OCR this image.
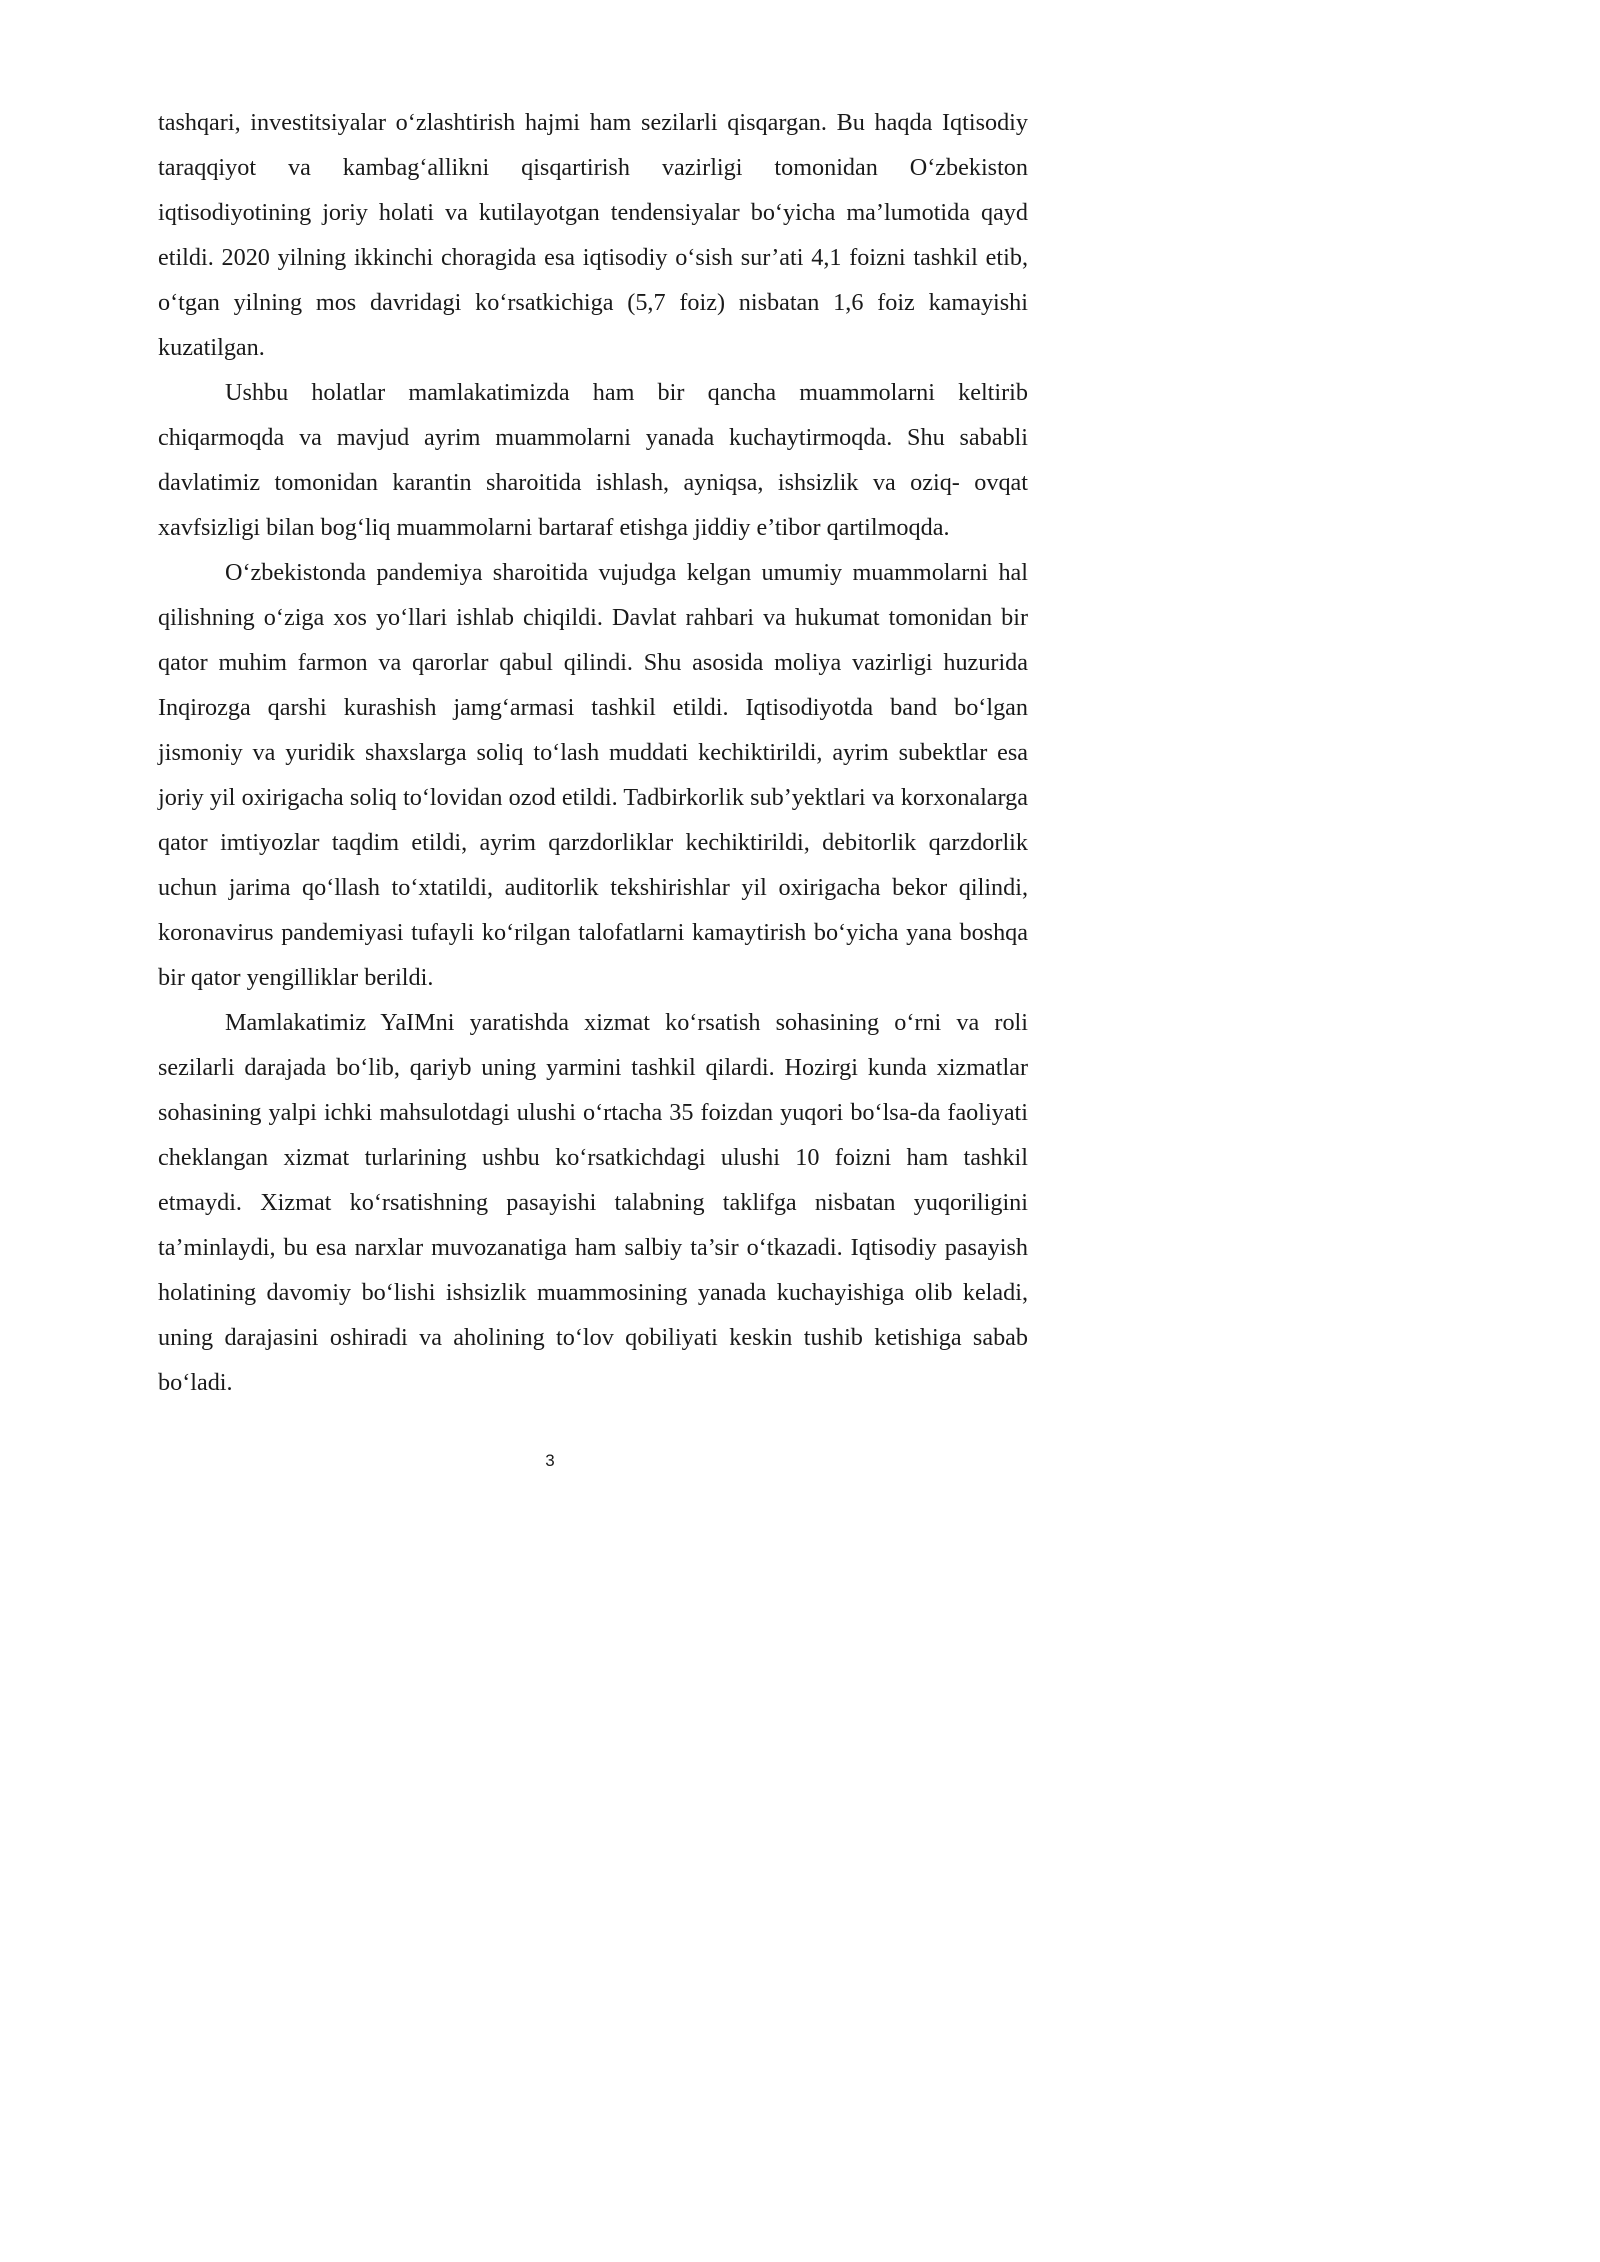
tashqari, investitsiyalar o‘zlashtirish hajmi ham sezilarli qisqargan. Bu haqda Iqtisodiy taraqqiyot va kambag‘allikni qisqartirish vazirligi tomonidan O‘zbekiston iqtisodiyotining joriy holati va kutilayotgan tendensiyalar bo‘yicha ma’lumotida qayd etildi. 2020 yilning ikkinchi choragida esa iqtisodiy o‘sish sur’ati 4,1 foizni tashkil etib, o‘tgan yilning mos davridagi ko‘rsatkichiga (5,7 foiz) nisbatan 1,6 foiz kamayishi kuzatilgan.

Ushbu holatlar mamlakatimizda ham bir qancha muammolarni keltirib chiqarmoqda va mavjud ayrim muammolarni yanada kuchaytirmoqda. Shu sababli davlatimiz tomonidan karantin sharoitida ishlash, ayniqsa, ishsizlik va oziq- ovqat xavfsizligi bilan bog‘liq muammolarni bartaraf etishga jiddiy e’tibor qartilmoqda.

O‘zbekistonda pandemiya sharoitida vujudga kelgan umumiy muammolarni hal qilishning o‘ziga xos yo‘llari ishlab chiqildi. Davlat rahbari va hukumat tomonidan bir qator muhim farmon va qarorlar qabul qilindi. Shu asosida moliya vazirligi huzurida Inqirozga qarshi kurashish jamg‘armasi tashkil etildi. Iqtisodiyotda band bo‘lgan jismoniy va yuridik shaxslarga soliq to‘lash muddati kechiktirildi, ayrim subektlar esa joriy yil oxirigacha soliq to‘lovidan ozod etildi. Tadbirkorlik sub’yektlari va korxonalarga qator imtiyozlar taqdim etildi, ayrim qarzdorliklar kechiktirildi, debitorlik qarzdorlik uchun jarima qo‘llash to‘xtatildi, auditorlik tekshirishlar yil oxirigacha bekor qilindi, koronavirus pandemiyasi tufayli ko‘rilgan talofatlarni kamaytirish bo‘yicha yana boshqa bir qator yengilliklar berildi.

Mamlakatimiz YaIMni yaratishda xizmat ko‘rsatish sohasining o‘rni va roli sezilarli darajada bo‘lib, qariyb uning yarmini tashkil qilardi. Hozirgi kunda xizmatlar sohasining yalpi ichki mahsulotdagi ulushi o‘rtacha 35 foizdan yuqori bo‘lsa-da faoliyati cheklangan xizmat turlarining ushbu ko‘rsatkichdagi ulushi 10 foizni ham tashkil etmaydi. Xizmat ko‘rsatishning pasayishi talabning taklifga nisbatan yuqoriligini ta’minlaydi, bu esa narxlar muvozanatiga ham salbiy ta’sir o‘tkazadi. Iqtisodiy pasayish holatining davomiy bo‘lishi ishsizlik muammosining yanada kuchayishiga olib keladi, uning darajasini oshiradi va aholining to‘lov qobiliyati keskin tushib ketishiga sabab bo‘ladi.

3
